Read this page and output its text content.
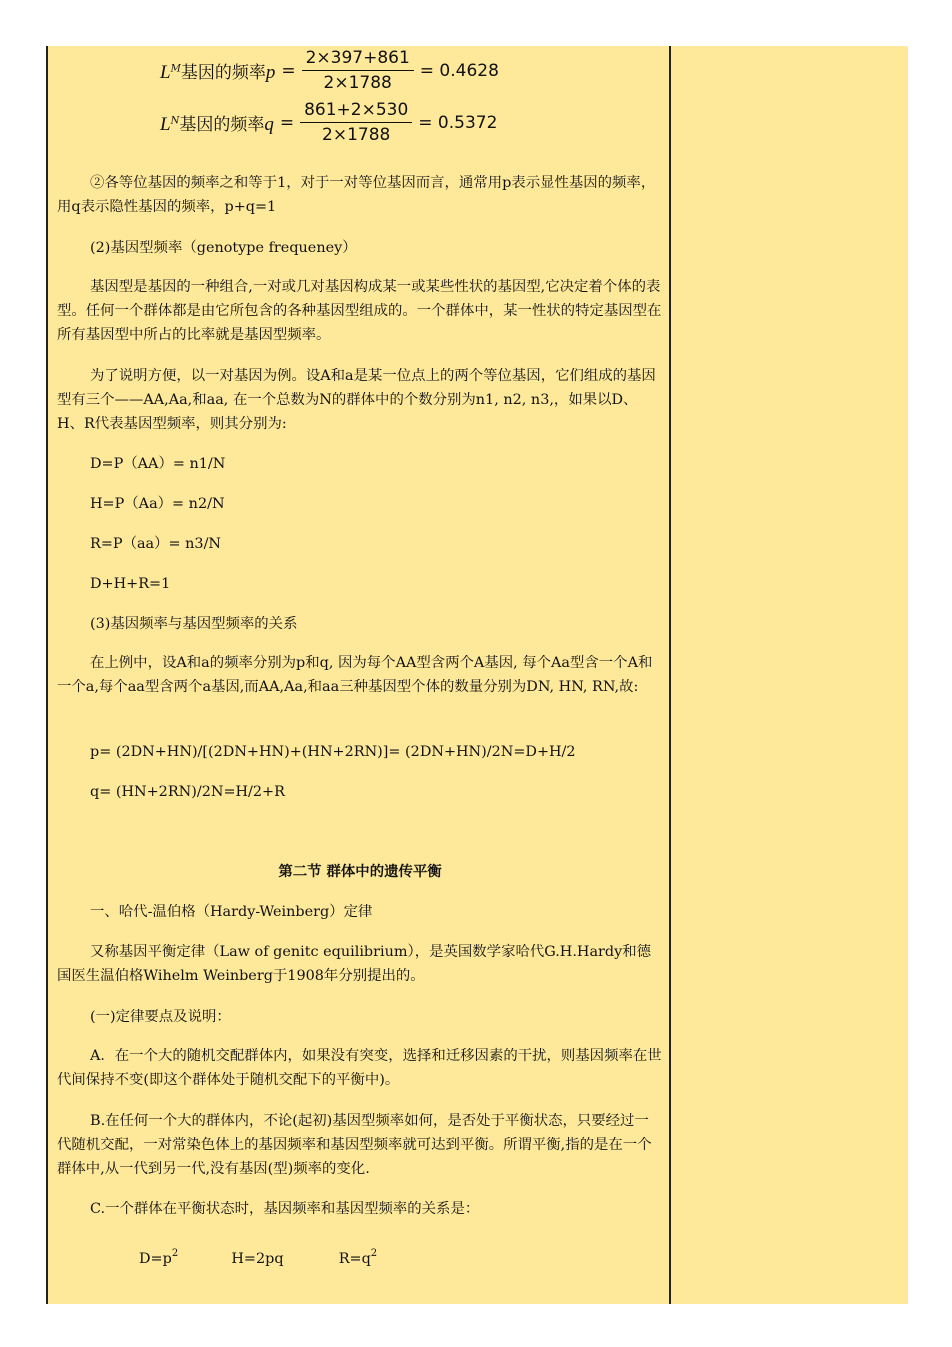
$L^M$基因的频率$p = \frac{2\times 397+861}{2\times 1788} = 0.4628$
$L^N$基因的频率$q = \frac{861+2\times 530}{2\times 1788} = 0.5372$

②各等位基因的频率之和等于1，对于一对等位基因而言，通常用p表示显性基因的频率，用q表示隐性基因的频率，p+q=1

(2)基因型频率（genotype frequeney）

基因型是基因的一种组合,一对或几对基因构成某一或某些性状的基因型,它决定着个体的表型。任何一个群体都是由它所包含的各种基因型组成的。一个群体中，某一性状的特定基因型在所有基因型中所占的比率就是基因型频率。

为了说明方便，以一对基因为例。设A和a是某一位点上的两个等位基因，它们组成的基因型有三个——AA,Aa,和aa, 在一个总数为N的群体中的个数分别为n1, n2, n3,，如果以D、H、R代表基因型频率，则其分别为:

D=P（AA）= n1/N

H=P（Aa）= n2/N

R=P（aa）= n3/N

D+H+R=1

(3)基因频率与基因型频率的关系

在上例中，设A和a的频率分别为p和q, 因为每个AA型含两个A基因, 每个Aa型含一个A和一个a,每个aa型含两个a基因,而AA,Aa,和aa三种基因型个体的数量分别为DN, HN, RN,故:

p= (2DN+HN)/[(2DN+HN)+(HN+2RN)]= (2DN+HN)/2N=D+H/2

q= (HN+2RN)/2N=H/2+R

第二节 群体中的遗传平衡

一、哈代-温伯格（Hardy-Weinberg）定律

又称基因平衡定律（Law of genitc equilibrium），是英国数学家哈代G.H.Hardy和德国医生温伯格Wihelm Weinberg于1908年分别提出的。

(一)定律要点及说明：

A．在一个大的随机交配群体内，如果没有突变，选择和迁移因素的干扰，则基因频率在世代间保持不变(即这个群体处于随机交配下的平衡中)。

B.在任何一个大的群体内，不论(起初)基因型频率如何，是否处于平衡状态，只要经过一代随机交配，一对常染色体上的基因频率和基因型频率就可达到平衡。所谓平衡,指的是在一个群体中,从一代到另一代,没有基因(型)频率的变化.

C.一个群体在平衡状态时，基因频率和基因型频率的关系是：

$D=p^2$	H=2pq	$R=q^2$
